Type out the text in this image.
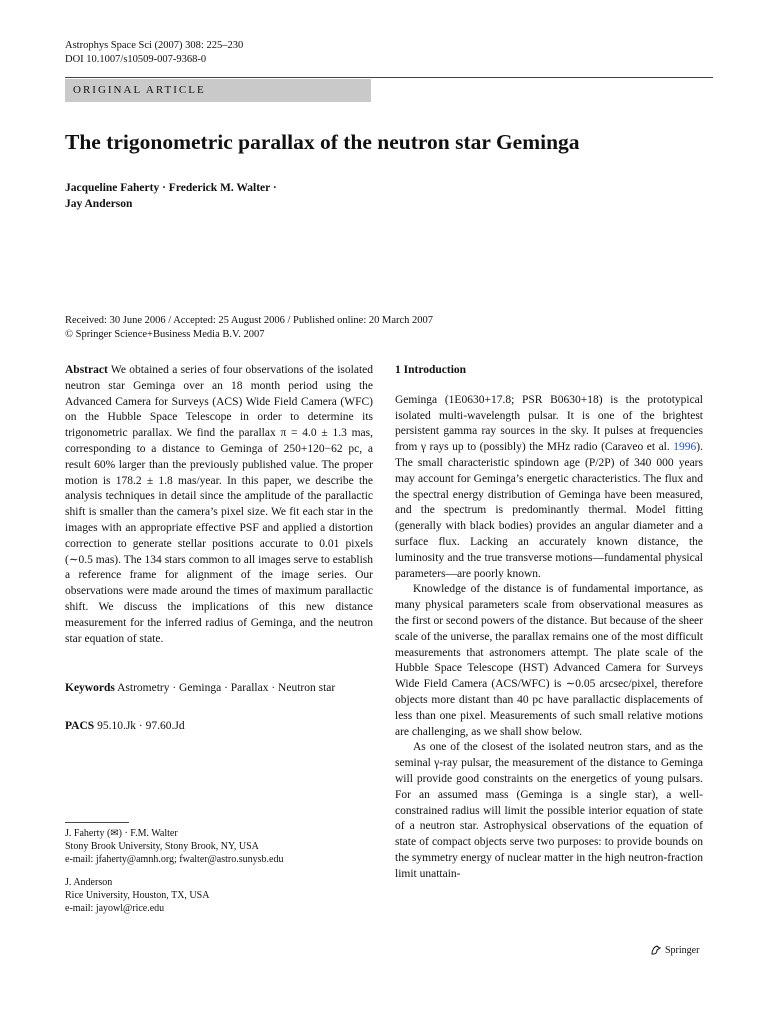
Astrophys Space Sci (2007) 308: 225–230
DOI 10.1007/s10509-007-9368-0
ORIGINAL ARTICLE
The trigonometric parallax of the neutron star Geminga
Jacqueline Faherty · Frederick M. Walter ·
Jay Anderson
Received: 30 June 2006 / Accepted: 25 August 2006 / Published online: 20 March 2007
© Springer Science+Business Media B.V. 2007

Abstract We obtained a series of four observations of the isolated neutron star Geminga over an 18 month period using the Advanced Camera for Surveys (ACS) Wide Field Camera (WFC) on the Hubble Space Telescope in order to determine its trigonometric parallax. We find the parallax π = 4.0 ± 1.3 mas, corresponding to a distance to Geminga of 250+120−62 pc, a result 60% larger than the previously published value. The proper motion is 178.2 ± 1.8 mas/year. In this paper, we describe the analysis techniques in detail since the amplitude of the parallactic shift is smaller than the camera’s pixel size. We fit each star in the images with an appropriate effective PSF and applied a distortion correction to generate stellar positions accurate to 0.01 pixels (∼0.5 mas). The 134 stars common to all images serve to establish a reference frame for alignment of the image series. Our observations were made around the times of maximum parallactic shift. We discuss the implications of this new distance measurement for the inferred radius of Geminga, and the neutron star equation of state.

Keywords Astrometry · Geminga · Parallax · Neutron star

PACS 95.10.Jk · 97.60.Jd

J. Faherty (✉) · F.M. Walter
Stony Brook University, Stony Brook, NY, USA
e-mail: jfaherty@amnh.org; fwalter@astro.sunysb.edu

J. Anderson
Rice University, Houston, TX, USA
e-mail: jayowl@rice.edu

1 Introduction

Geminga (1E0630+17.8; PSR B0630+18) is the prototypical isolated multi-wavelength pulsar. It is one of the brightest persistent gamma ray sources in the sky. It pulses at frequencies from γ rays up to (possibly) the MHz radio (Caraveo et al. 1996). The small characteristic spindown age (P/2P) of 340 000 years may account for Geminga’s energetic characteristics. The flux and the spectral energy distribution of Geminga have been measured, and the spectrum is predominantly thermal. Model fitting (generally with black bodies) provides an angular diameter and a surface flux. Lacking an accurately known distance, the luminosity and the true transverse motions—fundamental physical parameters—are poorly known.

Knowledge of the distance is of fundamental importance, as many physical parameters scale from observational measures as the first or second powers of the distance. But because of the sheer scale of the universe, the parallax remains one of the most difficult measurements that astronomers attempt. The plate scale of the Hubble Space Telescope (HST) Advanced Camera for Surveys Wide Field Camera (ACS/WFC) is ∼0.05 arcsec/pixel, therefore objects more distant than 40 pc have parallactic displacements of less than one pixel. Measurements of such small relative motions are challenging, as we shall show below.

As one of the closest of the isolated neutron stars, and as the seminal γ-ray pulsar, the measurement of the distance to Geminga will provide good constraints on the energetics of young pulsars. For an assumed mass (Geminga is a single star), a well-constrained radius will limit the possible interior equation of state of a neutron star. Astrophysical observations of the equation of state of compact objects serve two purposes: to provide bounds on the symmetry energy of nuclear matter in the high neutron-fraction limit unattain-

Springer
